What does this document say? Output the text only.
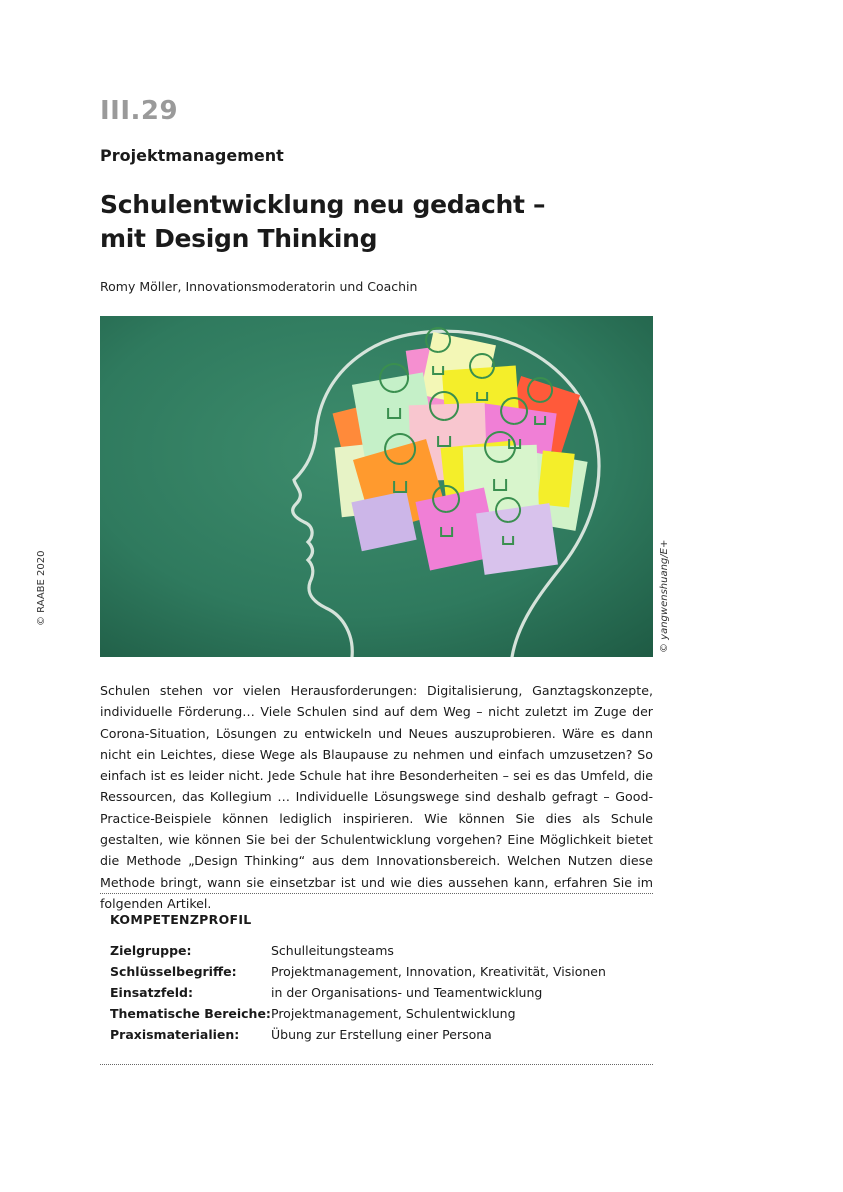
III.29
Projektmanagement
Schulentwicklung neu gedacht –
mit Design Thinking
Romy Möller, Innovationsmoderatorin und Coachin
© RAABE 2020	© yangwenshuang/E+
Schulen stehen vor vielen Herausforderungen: Digitalisierung, Ganztagskonzepte, individuelle Förderung… Viele Schulen sind auf dem Weg – nicht zuletzt im Zuge der Corona-Situation, Lösungen zu entwickeln und Neues auszuprobieren. Wäre es dann nicht ein Leichtes, diese Wege als Blaupause zu nehmen und einfach umzusetzen? So einfach ist es leider nicht. Jede Schule hat ihre Besonderheiten – sei es das Umfeld, die Ressourcen, das Kollegium … Individuelle Lösungswege sind deshalb gefragt – Good-Practice-Beispiele können lediglich inspirieren. Wie können Sie dies als Schule gestalten, wie können Sie bei der Schulentwicklung vorgehen? Eine Möglichkeit bietet die Methode „Design Thinking“ aus dem Innovationsbereich. Welchen Nutzen diese Methode bringt, wann sie einsetzbar ist und wie dies aussehen kann, erfahren Sie im folgenden Artikel.
KOMPETENZPROFIL
Zielgruppe:	Schulleitungsteams
Schlüsselbegriffe:	Projektmanagement, Innovation, Kreativität, Visionen
Einsatzfeld:	in der Organisations- und Teamentwicklung
Thematische Bereiche: Projektmanagement, Schulentwicklung
Praxismaterialien:	Übung zur Erstellung einer Persona
